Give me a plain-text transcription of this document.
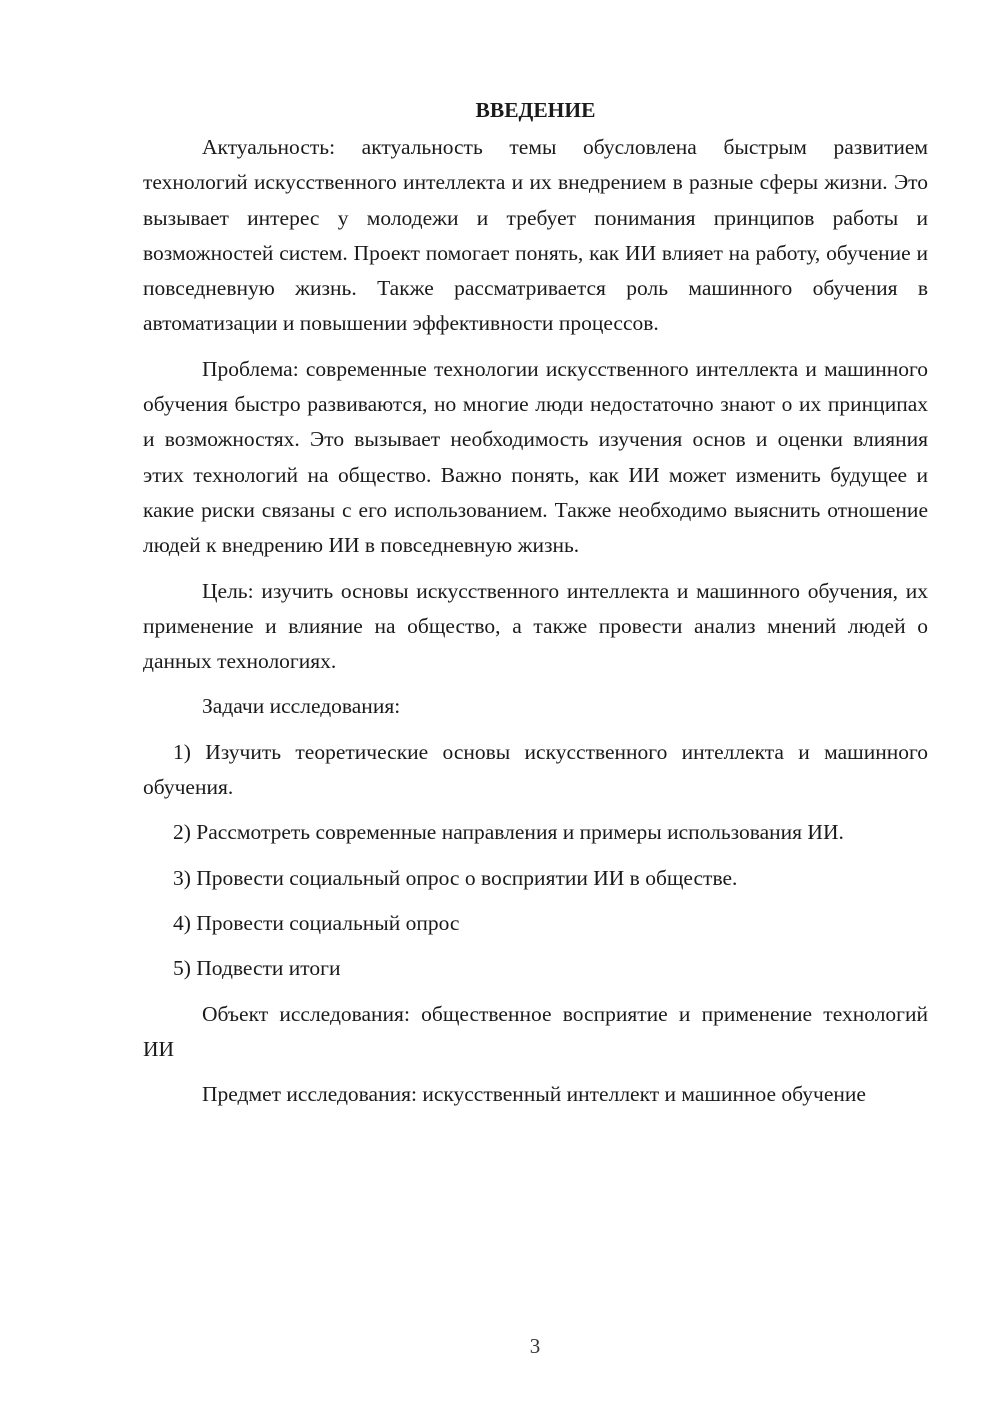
ВВЕДЕНИЕ

Актуальность: актуальность темы обусловлена быстрым развитием технологий искусственного интеллекта и их внедрением в разные сферы жизни. Это вызывает интерес у молодежи и требует понимания принципов работы и возможностей систем. Проект помогает понять, как ИИ влияет на работу, обучение и повседневную жизнь. Также рассматривается роль машинного обучения в автоматизации и повышении эффективности процессов.

Проблема: современные технологии искусственного интеллекта и машинного обучения быстро развиваются, но многие люди недостаточно знают о их принципах и возможностях. Это вызывает необходимость изучения основ и оценки влияния этих технологий на общество. Важно понять, как ИИ может изменить будущее и какие риски связаны с его использованием. Также необходимо выяснить отношение людей к внедрению ИИ в повседневную жизнь.

Цель: изучить основы искусственного интеллекта и машинного обучения, их применение и влияние на общество, а также провести анализ мнений людей о данных технологиях.

Задачи исследования:

1) Изучить теоретические основы искусственного интеллекта и машинного обучения.

2) Рассмотреть современные направления и примеры использования ИИ.

3) Провести социальный опрос о восприятии ИИ в обществе.

4) Провести социальный опрос

5) Подвести итоги

Объект исследования: общественное восприятие и применение технологий ИИ

Предмет исследования: искусственный интеллект и машинное обучение

3
